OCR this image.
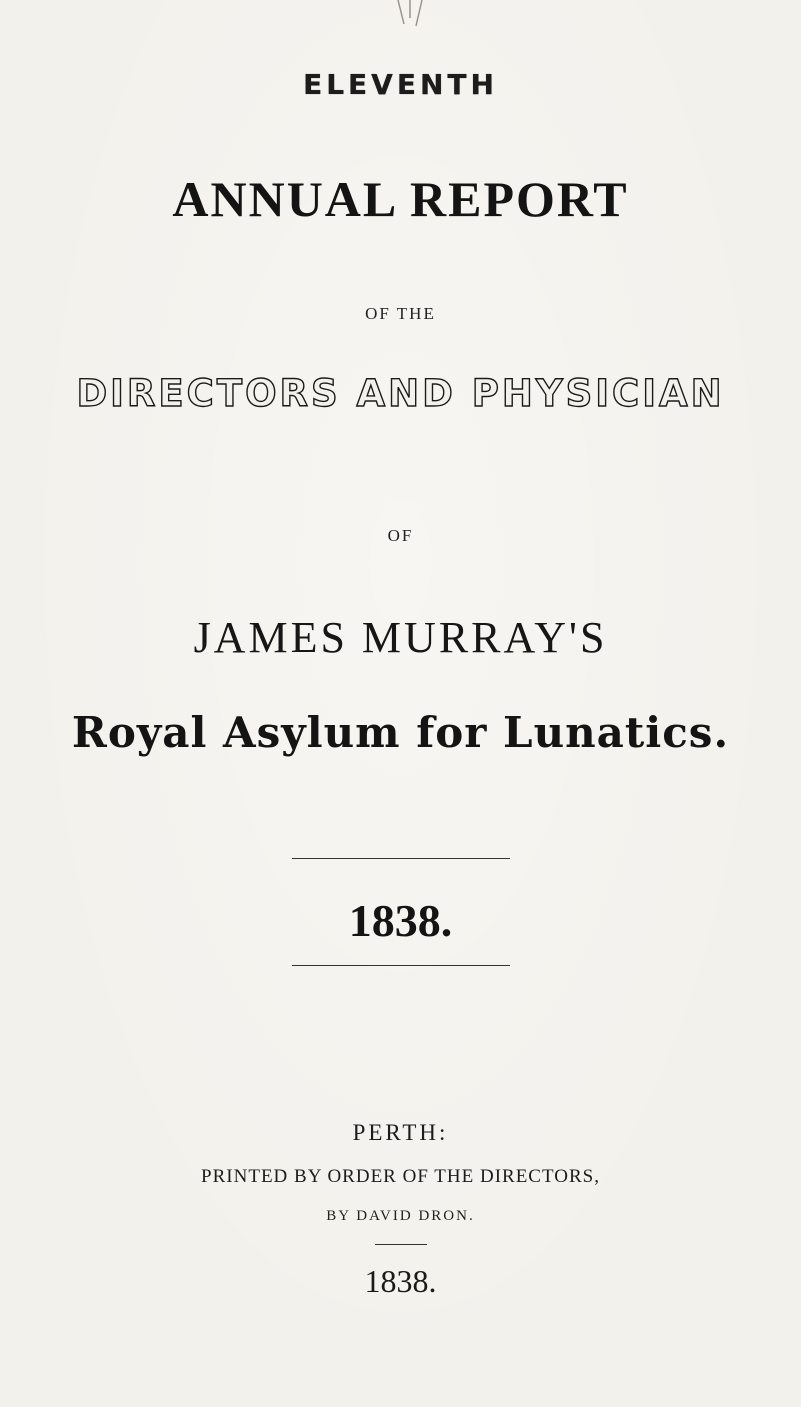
ELEVENTH
ANNUAL REPORT
OF THE
DIRECTORS AND PHYSICIAN
OF
JAMES MURRAY'S
Royal Asylum for Lunatics.
1838.
PERTH:
PRINTED BY ORDER OF THE DIRECTORS,
BY DAVID DRON.
1838.
